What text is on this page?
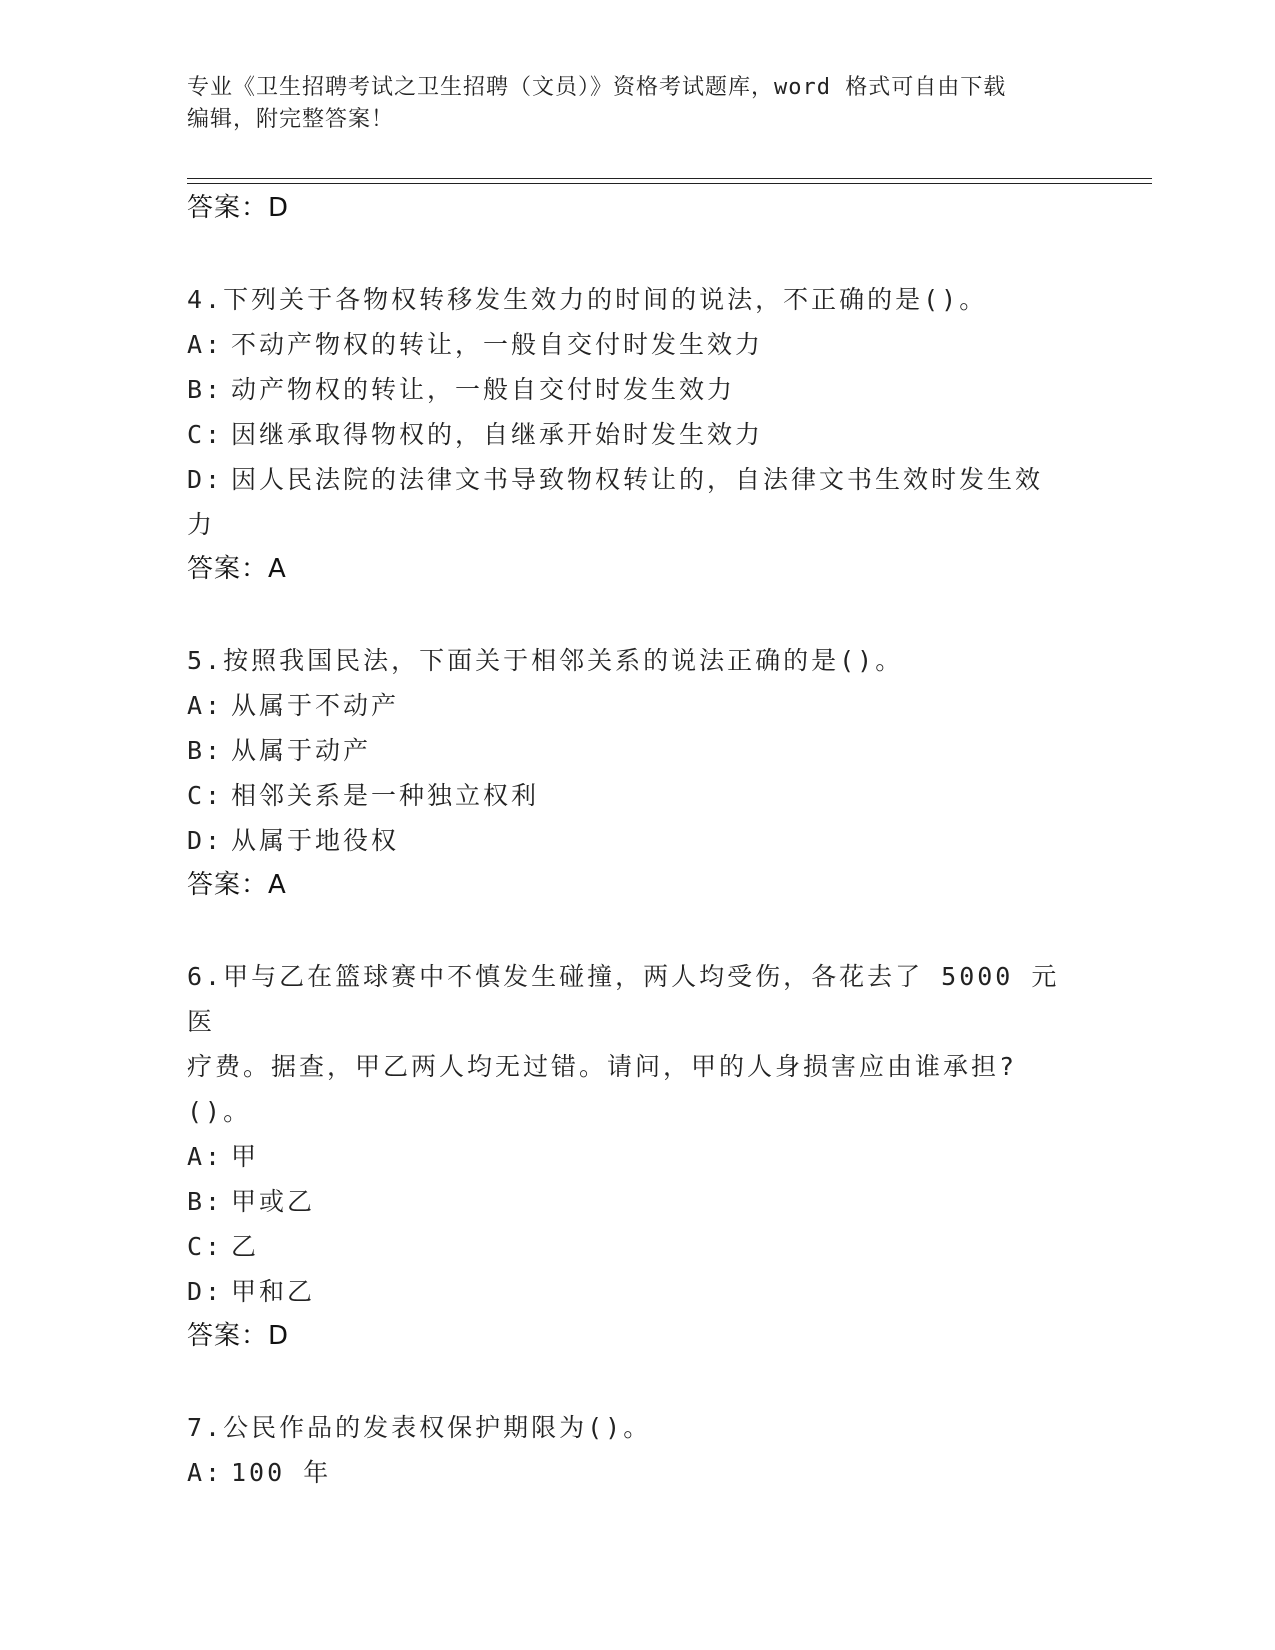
专业《卫生招聘考试之卫生招聘（文员）》资格考试题库，word 格式可自由下载
编辑，附完整答案！
答案：D
4.下列关于各物权转移发生效力的时间的说法，不正确的是()。
A: 不动产物权的转让，一般自交付时发生效力
B: 动产物权的转让，一般自交付时发生效力
C: 因继承取得物权的，自继承开始时发生效力
D: 因人民法院的法律文书导致物权转让的，自法律文书生效时发生效
力
答案：A
5.按照我国民法，下面关于相邻关系的说法正确的是()。
A: 从属于不动产
B: 从属于动产
C: 相邻关系是一种独立权利
D: 从属于地役权
答案：A
6.甲与乙在篮球赛中不慎发生碰撞，两人均受伤，各花去了 5000 元医
疗费。据查，甲乙两人均无过错。请问，甲的人身损害应由谁承担?
()。
A: 甲
B: 甲或乙
C: 乙
D: 甲和乙
答案：D
7.公民作品的发表权保护期限为()。
A: 100 年
